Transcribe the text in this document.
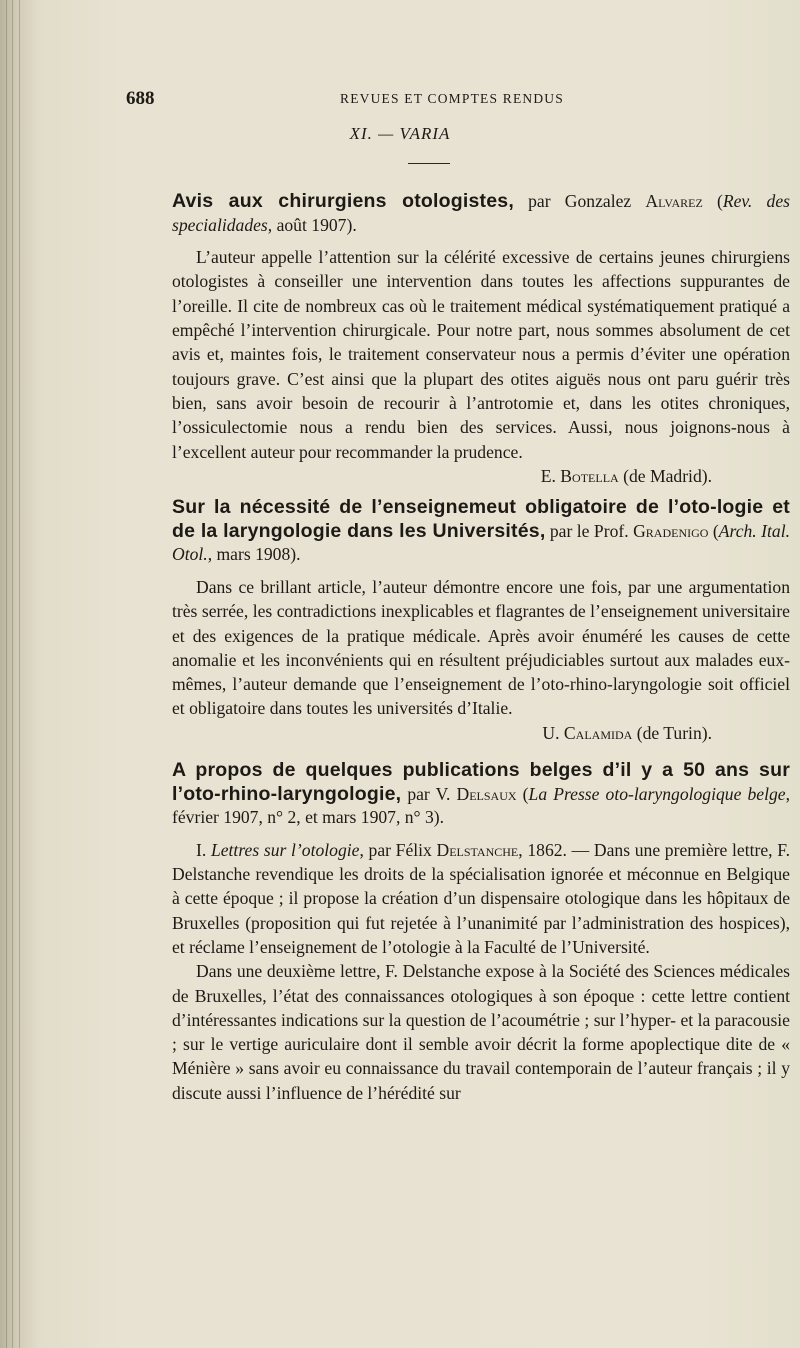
688	REVUES ET COMPTES RENDUS
XI. — VARIA
Avis aux chirurgiens otologistes, par Gonzalez Alvarez (Rev. des specialidades, août 1907).

L’auteur appelle l’attention sur la célérité excessive de certains jeunes chirurgiens otologistes à conseiller une intervention dans toutes les affections suppurantes de l’oreille. Il cite de nombreux cas où le traitement médical systématiquement pratiqué a empêché l’intervention chirurgicale. Pour notre part, nous sommes absolument de cet avis et, maintes fois, le traitement conservateur nous a permis d’éviter une opération toujours grave. C’est ainsi que la plupart des otites aiguës nous ont paru guérir très bien, sans avoir besoin de recourir à l’antrotomie et, dans les otites chroniques, l’ossiculectomie nous a rendu bien des services. Aussi, nous joignons-nous à l’excellent auteur pour recommander la prudence.

E. Botella (de Madrid).

Sur la nécessité de l’enseignemeut obligatoire de l’oto-logie et de la laryngologie dans les Universités, par le Prof. Gradenigo (Arch. Ital. Otol., mars 1908).

Dans ce brillant article, l’auteur démontre encore une fois, par une argumentation très serrée, les contradictions inexplicables et flagrantes de l’enseignement universitaire et des exigences de la pratique médicale. Après avoir énuméré les causes de cette anomalie et les inconvénients qui en résultent préjudiciables surtout aux malades eux-mêmes, l’auteur demande que l’enseignement de l’oto-rhino-laryngologie soit officiel et obligatoire dans toutes les universités d’Italie.

U. Calamida (de Turin).

A propos de quelques publications belges d’il y a 50 ans sur l’oto-rhino-laryngologie, par V. Delsaux (La Presse oto-laryngologique belge, février 1907, n° 2, et mars 1907, n° 3).

I. Lettres sur l’otologie, par Félix Delstanche, 1862. — Dans une première lettre, F. Delstanche revendique les droits de la spécialisation ignorée et méconnue en Belgique à cette époque ; il propose la création d’un dispensaire otologique dans les hôpitaux de Bruxelles (proposition qui fut rejetée à l’unanimité par l’administration des hospices), et réclame l’enseignement de l’otologie à la Faculté de l’Université.

Dans une deuxième lettre, F. Delstanche expose à la Société des Sciences médicales de Bruxelles, l’état des connaissances otologiques à son époque : cette lettre contient d’intéressantes indications sur la question de l’acoumétrie ; sur l’hyper- et la paracousie ; sur le vertige auriculaire dont il semble avoir décrit la forme apoplectique dite de « Ménière » sans avoir eu connaissance du travail contemporain de l’auteur français ; il y discute aussi l’influence de l’hérédité sur
